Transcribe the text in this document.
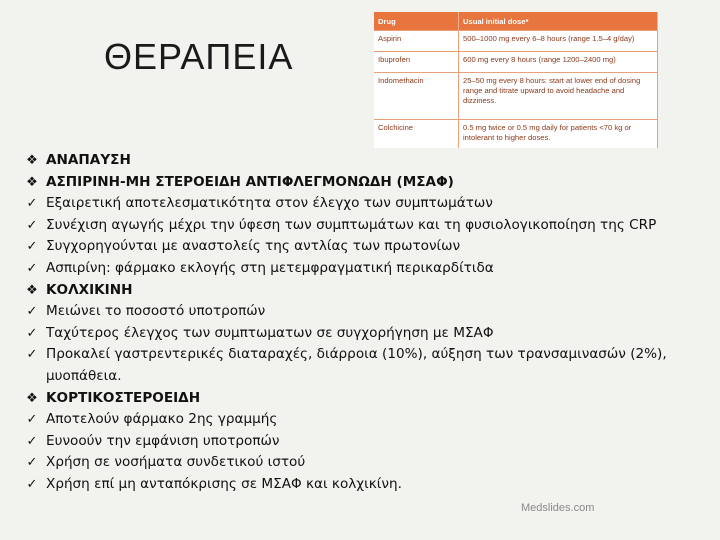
ΘΕΡΑΠΕΙΑ
Drug	Usual initial dose*
Aspirin	500–1000 mg every 6–8 hours (range 1.5–4 g/day)
Ibuprofen	600 mg every 8 hours (range 1200–2400 mg)
Indomethacin	25–50 mg every 8 hours: start at lower end of dosing range and titrate upward to avoid headache and dizziness.
Colchicine	0.5 mg twice or 0.5 mg daily for patients <70 kg or intolerant to higher doses.
❖ ΑΝΑΠΑΥΣΗ
❖ ΑΣΠΙΡΙΝΗ-ΜΗ ΣΤΕΡΟΕΙΔΗ ΑΝΤΙΦΛΕΓΜΟΝΩΔΗ (ΜΣΑΦ)
✓ Εξαιρετική αποτελεσματικότητα στον έλεγχο των συμπτωμάτων
✓ Συνέχιση αγωγής μέχρι την ύφεση των συμπτωμάτων και τη φυσιολογικοποίηση της CRP
✓ Συγχορηγούνται με αναστολείς της αντλίας των πρωτονίων
✓ Ασπιρίνη: φάρμακο εκλογής στη μετεμφραγματική περικαρδίτιδα
❖ ΚΟΛΧΙΚΙΝΗ
✓ Μειώνει το ποσοστό υποτροπών
✓ Ταχύτερος έλεγχος των συμπτωματων σε συγχορήγηση με ΜΣΑΦ
✓ Προκαλεί γαστρεντερικές διαταραχές, διάρροια (10%), αύξηση των τρανσαμινασών (2%), μυοπάθεια.
❖ ΚΟΡΤΙΚΟΣΤΕΡΟΕΙΔΗ
✓ Αποτελούν φάρμακο 2ης γραμμής
✓ Ευνοούν την εμφάνιση υποτροπών
✓ Χρήση σε νοσήματα συνδετικού ιστού
✓ Χρήση επί μη ανταπόκρισης σε ΜΣΑΦ και κολχικίνη.
Medslides.com
